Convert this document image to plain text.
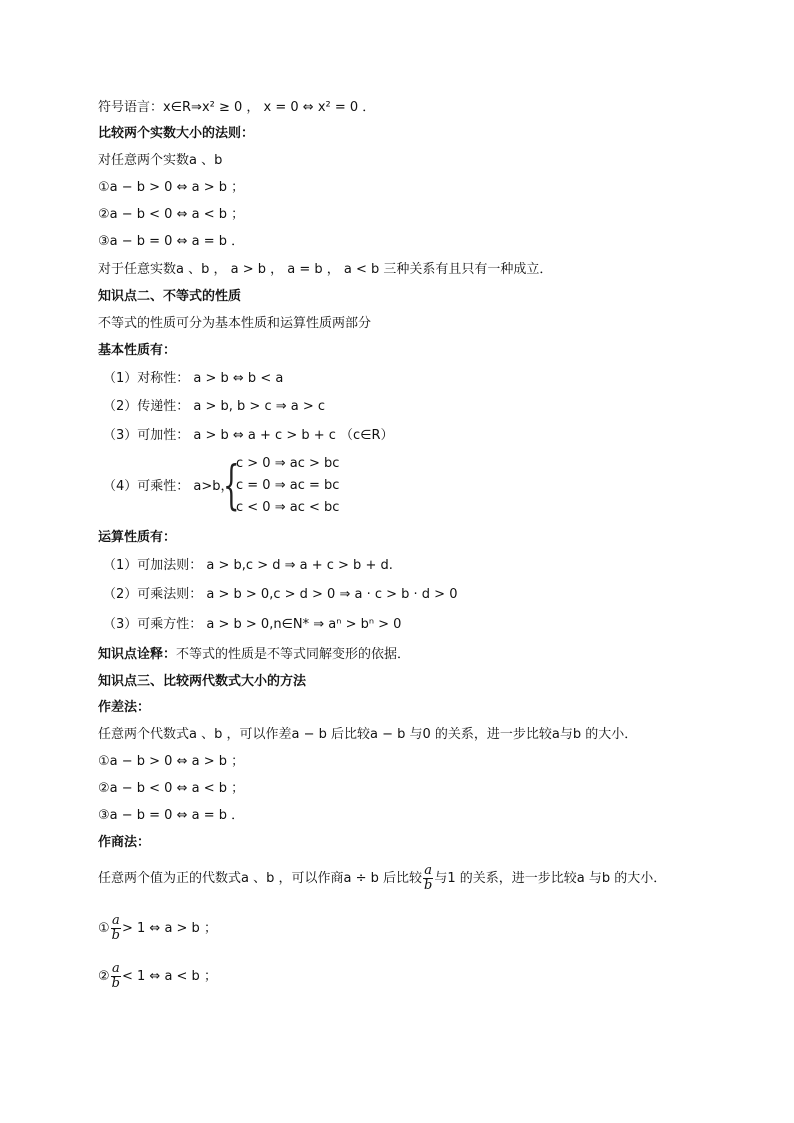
符号语言：x∈R⇒x² ≥ 0 ， x = 0 ⇔ x² = 0 ．
比较两个实数大小的法则：
对任意两个实数a 、b
①a − b > 0 ⇔ a > b ；
②a − b < 0 ⇔ a < b ；
③a − b = 0 ⇔ a = b ．
对于任意实数a 、b ， a > b ， a = b ， a < b 三种关系有且只有一种成立．
知识点二、不等式的性质
不等式的性质可分为基本性质和运算性质两部分
基本性质有：
（1）对称性： a > b ⇔ b < a
（2）传递性： a > b, b > c ⇒ a > c
（3）可加性： a > b ⇔ a + c > b + c （c∈R）
（4）可乘性： a>b，
{
c > 0 ⇒ ac > bc
c = 0 ⇒ ac = bc
c < 0 ⇒ ac < bc
运算性质有：
（1）可加法则： a > b,c > d ⇒ a + c > b + d.
（2）可乘法则： a > b > 0,c > d > 0 ⇒ a · c > b · d > 0
（3）可乘方性： a > b > 0,n∈N* ⇒ aⁿ > bⁿ > 0
知识点诠释：不等式的性质是不等式同解变形的依据．
知识点三、比较两代数式大小的方法
作差法：
任意两个代数式a 、b ，可以作差a − b 后比较a − b 与0 的关系，进一步比较a与b 的大小．
①a − b > 0 ⇔ a > b ；
②a − b < 0 ⇔ a < b ；
③a − b = 0 ⇔ a = b ．
作商法：
任意两个值为正的代数式a 、b ，可以作商a ÷ b 后比较 $\frac{a}{b}$ 与1 的关系，进一步比较a 与b 的大小．
① $\frac{a}{b} > 1$ ⇔ a > b ；
② $\frac{a}{b} < 1$ ⇔ a < b ；
